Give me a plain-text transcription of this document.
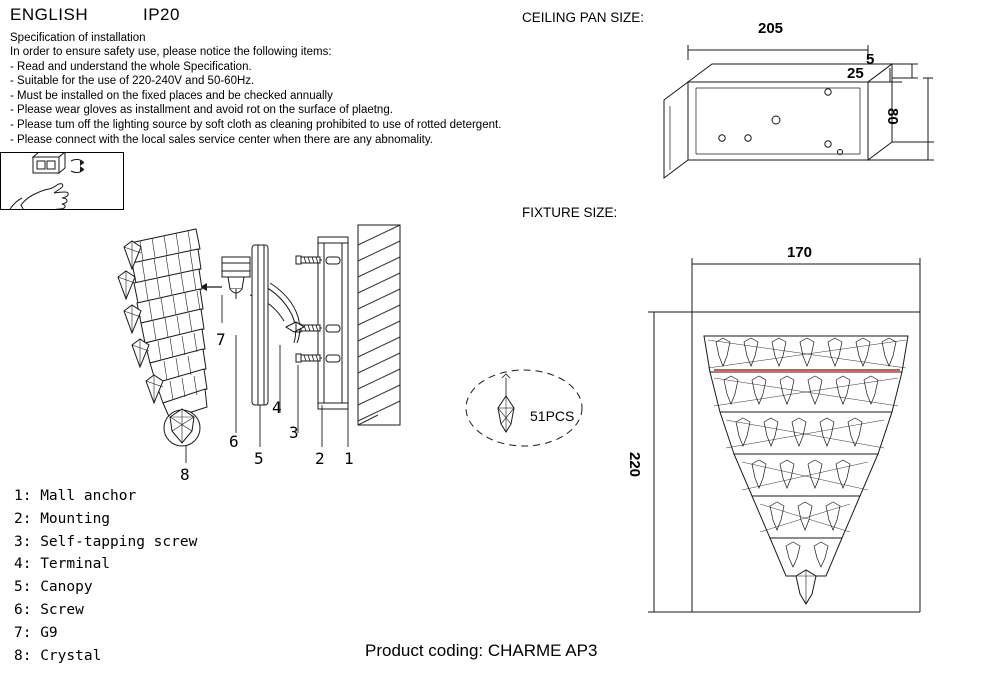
ENGLISH	IP20
Specification of installation
In order to ensure safety use, please notice the following items:
- Read and understand the whole Specification.
- Suitable for the use of 220-240V and 50-60Hz.
- Must be installed on the fixed places and be checked annually
- Please wear gloves as installment and avoid rot on the surface of plaetng.
- Please tum off the lighting source by soft cloth as cleaning prohibited to use of rotted detergent.
- Please connect with the local sales service center when there are any abnomality.
1
2
3
4
5
6
7
8
1: Mall anchor
2: Mounting
3: Self-tapping screw
4: Terminal
5: Canopy
6: Screw
7: G9
8: Crystal
CEILING PAN SIZE:
205
5
25
80
51PCS
FIXTURE SIZE:
170
220
Product coding: CHARME AP3
